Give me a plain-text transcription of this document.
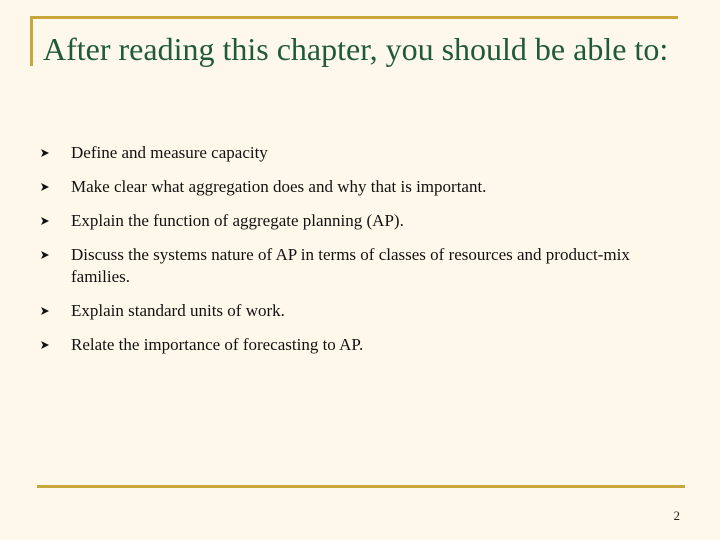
After reading this chapter, you should be able to:
Define and measure capacity
Make clear what aggregation does and why that is important.
Explain the function of aggregate planning (AP).
Discuss the systems nature of AP in terms of classes of resources and product-mix families.
Explain standard units of work.
Relate the importance of forecasting to AP.
2
